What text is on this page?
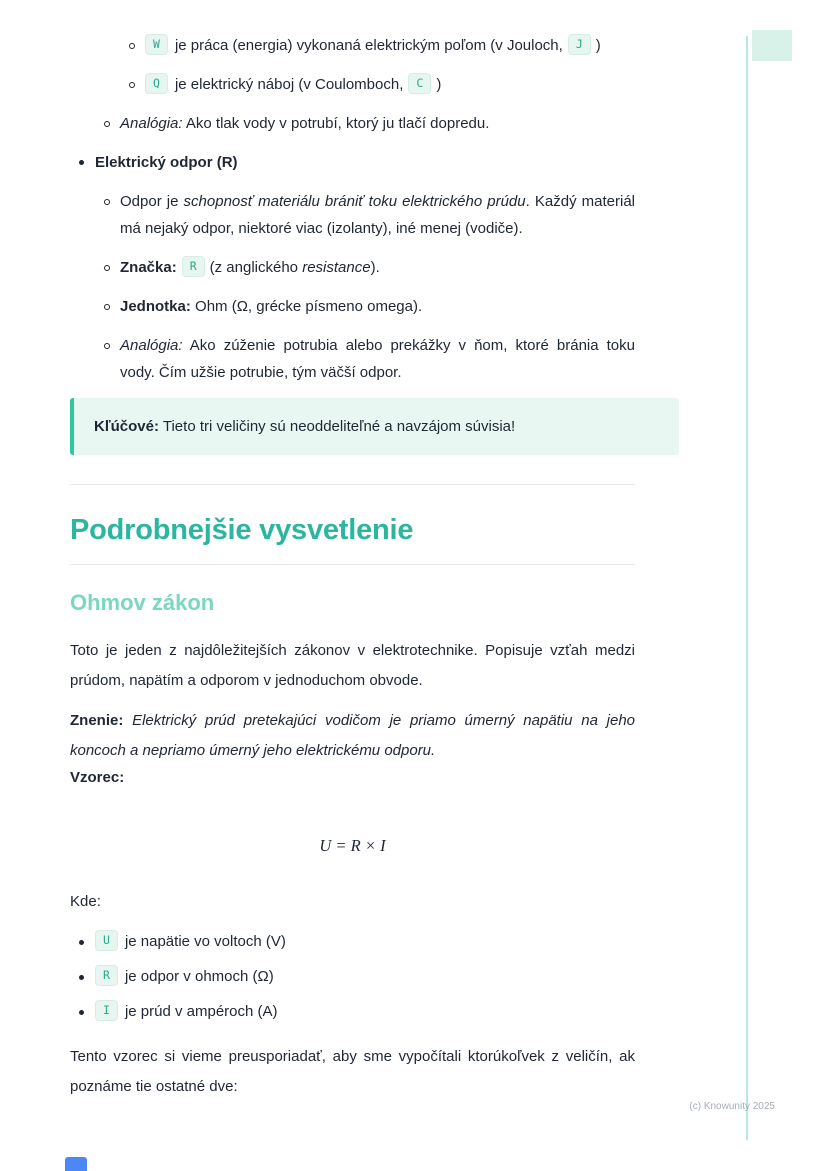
W je práca (energia) vykonaná elektrickým poľom (v Jouloch, J )
Q je elektrický náboj (v Coulomboch, C )
Analógia: Ako tlak vody v potrubí, ktorý ju tlačí dopredu.
Elektrický odpor (R)
Odpor je schopnosť materiálu brániť toku elektrického prúdu. Každý materiál má nejaký odpor, niektoré viac (izolanty), iné menej (vodiče).
Značka: R (z anglického resistance).
Jednotka: Ohm (Ω, grécke písmeno omega).
Analógia: Ako zúženie potrubia alebo prekážky v ňom, ktoré bránia toku vody. Čím užšie potrubie, tým väčší odpor.
Kľúčové: Tieto tri veličiny sú neoddeliteľné a navzájom súvisia!
Podrobnejšie vysvetlenie
Ohmov zákon
Toto je jeden z najdôležitejších zákonov v elektrotechnike. Popisuje vzťah medzi prúdom, napätím a odporom v jednoduchom obvode.
Znenie: Elektrický prúd pretekajúci vodičom je priamo úmerný napätiu na jeho koncoch a nepriamo úmerný jeho elektrickému odporu.
Vzorec:
U = R × I
Kde:
U je napätie vo voltoch (V)
R je odpor v ohmoch (Ω)
I je prúd v ampéroch (A)
Tento vzorec si vieme preusporiadať, aby sme vypočítali ktorúkoľvek z veličín, ak poznáme tie ostatné dve:
(c) Knowunity 2025
